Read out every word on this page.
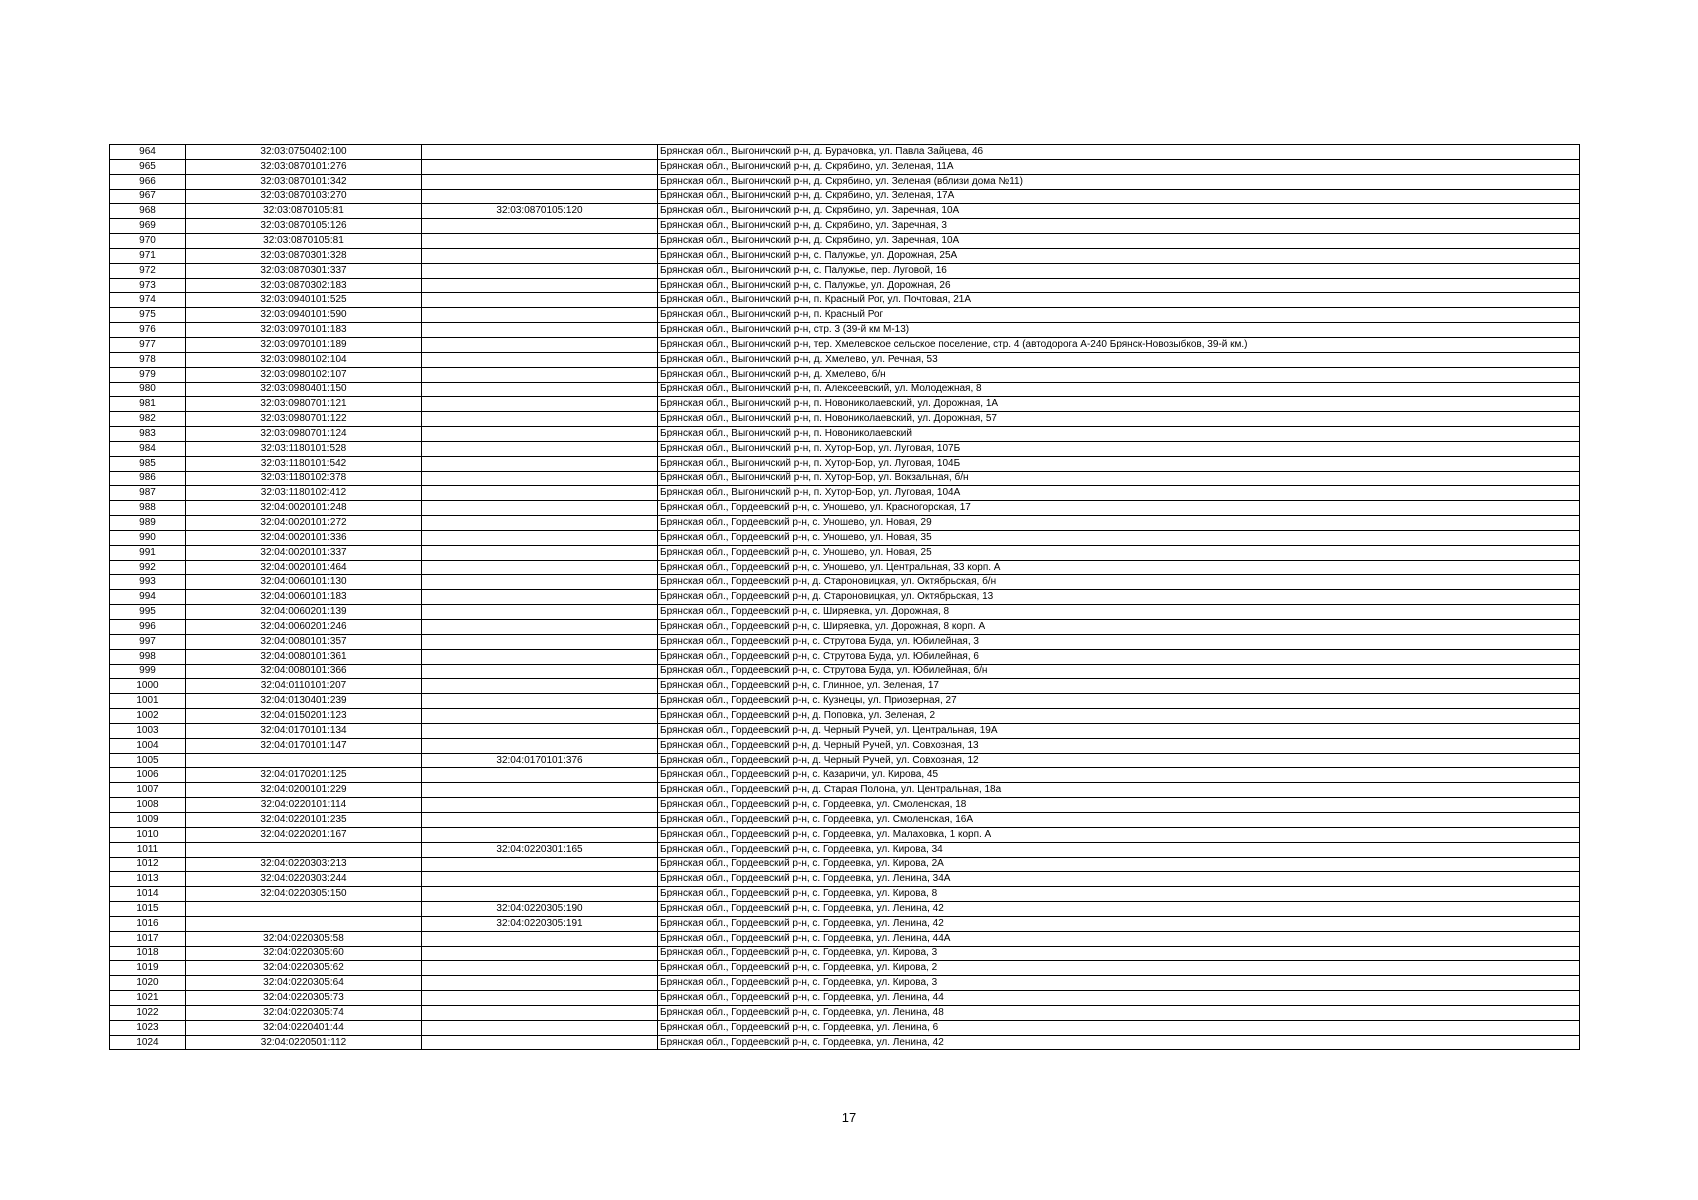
964	32:03:0750402:100		Брянская обл., Выгоничский р-н, д. Бурачовка, ул. Павла Зайцева, 46
965	32:03:0870101:276		Брянская обл., Выгоничский р-н, д. Скрябино, ул. Зеленая, 11А
966	32:03:0870101:342		Брянская обл., Выгоничский р-н, д. Скрябино, ул. Зеленая (вблизи дома №11)
967	32:03:0870103:270		Брянская обл., Выгоничский р-н, д. Скрябино, ул. Зеленая, 17А
968	32:03:0870105:81	32:03:0870105:120	Брянская обл., Выгоничский р-н, д. Скрябино, ул. Заречная, 10А
969	32:03:0870105:126		Брянская обл., Выгоничский р-н, д. Скрябино, ул. Заречная, 3
970	32:03:0870105:81		Брянская обл., Выгоничский р-н, д. Скрябино, ул. Заречная, 10А
971	32:03:0870301:328		Брянская обл., Выгоничский р-н, с. Палужье, ул. Дорожная, 25А
972	32:03:0870301:337		Брянская обл., Выгоничский р-н, с. Палужье, пер. Луговой, 16
973	32:03:0870302:183		Брянская обл., Выгоничский р-н, с. Палужье, ул. Дорожная, 26
974	32:03:0940101:525		Брянская обл., Выгоничский р-н, п. Красный Рог, ул. Почтовая, 21А
975	32:03:0940101:590		Брянская обл., Выгоничский р-н, п. Красный Рог
976	32:03:0970101:183		Брянская обл., Выгоничский р-н, стр. 3 (39-й км М-13)
977	32:03:0970101:189		Брянская обл., Выгоничский р-н, тер. Хмелевское сельское поселение, стр. 4 (автодорога А-240 Брянск-Новозыбков, 39-й км.)
978	32:03:0980102:104		Брянская обл., Выгоничский р-н, д. Хмелево, ул. Речная, 53
979	32:03:0980102:107		Брянская обл., Выгоничский р-н, д. Хмелево, б/н
980	32:03:0980401:150		Брянская обл., Выгоничский р-н, п. Алексеевский, ул. Молодежная, 8
981	32:03:0980701:121		Брянская обл., Выгоничский р-н, п. Новониколаевский, ул. Дорожная, 1А
982	32:03:0980701:122		Брянская обл., Выгоничский р-н, п. Новониколаевский, ул. Дорожная, 57
983	32:03:0980701:124		Брянская обл., Выгоничский р-н, п. Новониколаевский
984	32:03:1180101:528		Брянская обл., Выгоничский р-н, п. Хутор-Бор, ул. Луговая, 107Б
985	32:03:1180101:542		Брянская обл., Выгоничский р-н, п. Хутор-Бор, ул. Луговая, 104Б
986	32:03:1180102:378		Брянская обл., Выгоничский р-н, п. Хутор-Бор, ул. Вокзальная, б/н
987	32:03:1180102:412		Брянская обл., Выгоничский р-н, п. Хутор-Бор, ул. Луговая, 104А
988	32:04:0020101:248		Брянская обл., Гордеевский р-н, с. Уношево, ул. Красногорская, 17
989	32:04:0020101:272		Брянская обл., Гордеевский р-н, с. Уношево, ул. Новая, 29
990	32:04:0020101:336		Брянская обл., Гордеевский р-н, с. Уношево, ул. Новая, 35
991	32:04:0020101:337		Брянская обл., Гордеевский р-н, с. Уношево, ул. Новая, 25
992	32:04:0020101:464		Брянская обл., Гордеевский р-н, с. Уношево, ул. Центральная, 33 корп. А
993	32:04:0060101:130		Брянская обл., Гордеевский р-н, д. Староновицкая, ул. Октябрьская, б/н
994	32:04:0060101:183		Брянская обл., Гордеевский р-н, д. Староновицкая, ул. Октябрьская, 13
995	32:04:0060201:139		Брянская обл., Гордеевский р-н, с. Ширяевка, ул. Дорожная, 8
996	32:04:0060201:246		Брянская обл., Гордеевский р-н, с. Ширяевка, ул. Дорожная, 8 корп. А
997	32:04:0080101:357		Брянская обл., Гордеевский р-н, с. Струтова Буда, ул. Юбилейная, 3
998	32:04:0080101:361		Брянская обл., Гордеевский р-н, с. Струтова Буда, ул. Юбилейная, 6
999	32:04:0080101:366		Брянская обл., Гордеевский р-н, с. Струтова Буда, ул. Юбилейная, б/н
1000	32:04:0110101:207		Брянская обл., Гордеевский р-н, с. Глинное, ул. Зеленая, 17
1001	32:04:0130401:239		Брянская обл., Гордеевский р-н, с. Кузнецы, ул. Приозерная, 27
1002	32:04:0150201:123		Брянская обл., Гордеевский р-н, д. Поповка, ул. Зеленая, 2
1003	32:04:0170101:134		Брянская обл., Гордеевский р-н, д. Черный Ручей, ул. Центральная, 19А
1004	32:04:0170101:147		Брянская обл., Гордеевский р-н, д. Черный Ручей, ул. Совхозная, 13
1005		32:04:0170101:376	Брянская обл., Гордеевский р-н, д. Черный Ручей, ул. Совхозная, 12
1006	32:04:0170201:125		Брянская обл., Гордеевский р-н, с. Казаричи, ул. Кирова, 45
1007	32:04:0200101:229		Брянская обл., Гордеевский р-н, д. Старая Полона, ул. Центральная, 18а
1008	32:04:0220101:114		Брянская обл., Гордеевский р-н, с. Гордеевка, ул. Смоленская, 18
1009	32:04:0220101:235		Брянская обл., Гордеевский р-н, с. Гордеевка, ул. Смоленская, 16А
1010	32:04:0220201:167		Брянская обл., Гордеевский р-н, с. Гордеевка, ул. Малаховка, 1 корп. А
1011		32:04:0220301:165	Брянская обл., Гордеевский р-н, с. Гордеевка, ул. Кирова, 34
1012	32:04:0220303:213		Брянская обл., Гордеевский р-н, с. Гордеевка, ул. Кирова, 2А
1013	32:04:0220303:244		Брянская обл., Гордеевский р-н, с. Гордеевка, ул. Ленина, 34А
1014	32:04:0220305:150		Брянская обл., Гордеевский р-н, с. Гордеевка, ул. Кирова, 8
1015		32:04:0220305:190	Брянская обл., Гордеевский р-н, с. Гордеевка, ул. Ленина, 42
1016		32:04:0220305:191	Брянская обл., Гордеевский р-н, с. Гордеевка, ул. Ленина, 42
1017	32:04:0220305:58		Брянская обл., Гордеевский р-н, с. Гордеевка, ул. Ленина, 44А
1018	32:04:0220305:60		Брянская обл., Гордеевский р-н, с. Гордеевка, ул. Кирова, 3
1019	32:04:0220305:62		Брянская обл., Гордеевский р-н, с. Гордеевка, ул. Кирова, 2
1020	32:04:0220305:64		Брянская обл., Гордеевский р-н, с. Гордеевка, ул. Кирова, 3
1021	32:04:0220305:73		Брянская обл., Гордеевский р-н, с. Гордеевка, ул. Ленина, 44
1022	32:04:0220305:74		Брянская обл., Гордеевский р-н, с. Гордеевка, ул. Ленина, 48
1023	32:04:0220401:44		Брянская обл., Гордеевский р-н, с. Гордеевка, ул. Ленина, 6
1024	32:04:0220501:112		Брянская обл., Гордеевский р-н, с. Гордеевка, ул. Ленина, 42
17
